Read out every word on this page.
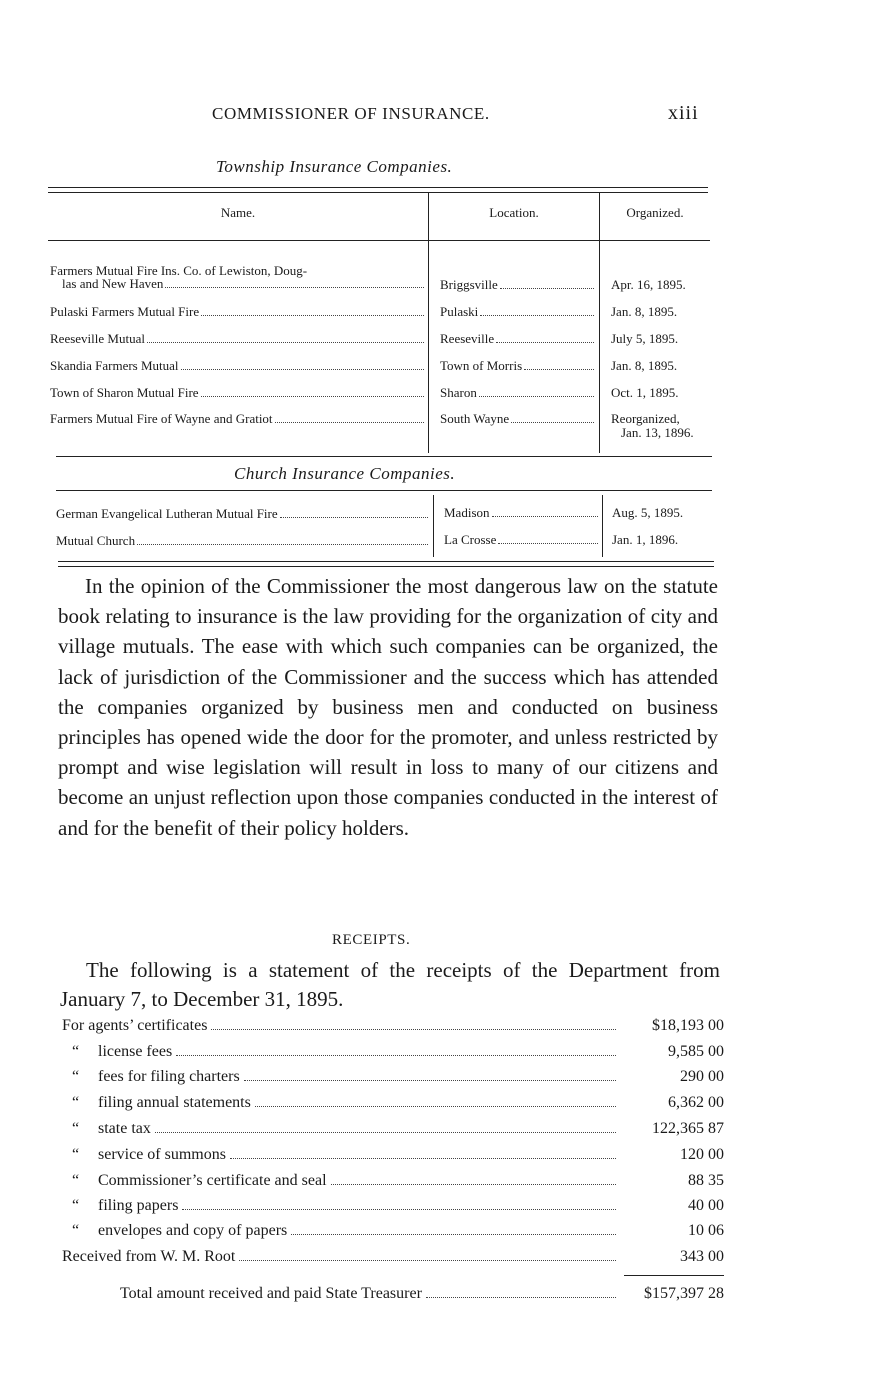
COMMISSIONER OF INSURANCE.	xiii
Township Insurance Companies.
Name.	Location.	Organized.
Farmers Mutual Fire Ins. Co. of Lewiston, Doug-
las and New Haven	Briggsville	Apr. 16, 1895.
Pulaski Farmers Mutual Fire	Pulaski	Jan. 8, 1895.
Reeseville Mutual	Reeseville	July 5, 1895.
Skandia Farmers Mutual	Town of Morris	Jan. 8, 1895.
Town of Sharon Mutual Fire	Sharon	Oct. 1, 1895.
Farmers Mutual Fire of Wayne and Gratiot	South Wayne	Reorganized,
Jan. 13, 1896.
Church Insurance Companies.
German Evangelical Lutheran Mutual Fire	Madison	Aug. 5, 1895.
Mutual Church	La Crosse	Jan. 1, 1896.
In the opinion of the Commissioner the most dangerous law on the statute book relating to insurance is the law providing for the organization of city and village mutuals. The ease with which such companies can be organized, the lack of jurisdiction of the Commissioner and the success which has attended the companies organized by business men and conducted on business principles has opened wide the door for the promoter, and unless restricted by prompt and wise legislation will result in loss to many of our citizens and become an unjust reflection upon those companies conducted in the interest of and for the benefit of their policy holders.
RECEIPTS.
The following is a statement of the receipts of the Department from January 7, to December 31, 1895.
For agents’ certificates	$18,193 00
“	license fees	9,585 00
“	fees for filing charters	290 00
“	filing annual statements	6,362 00
“	state tax	122,365 87
“	service of summons	120 00
“	Commissioner’s certificate and seal	88 35
“	filing papers	40 00
“	envelopes and copy of papers	10 06
Received from W. M. Root	343 00
Total amount received and paid State Treasurer	$157,397 28
